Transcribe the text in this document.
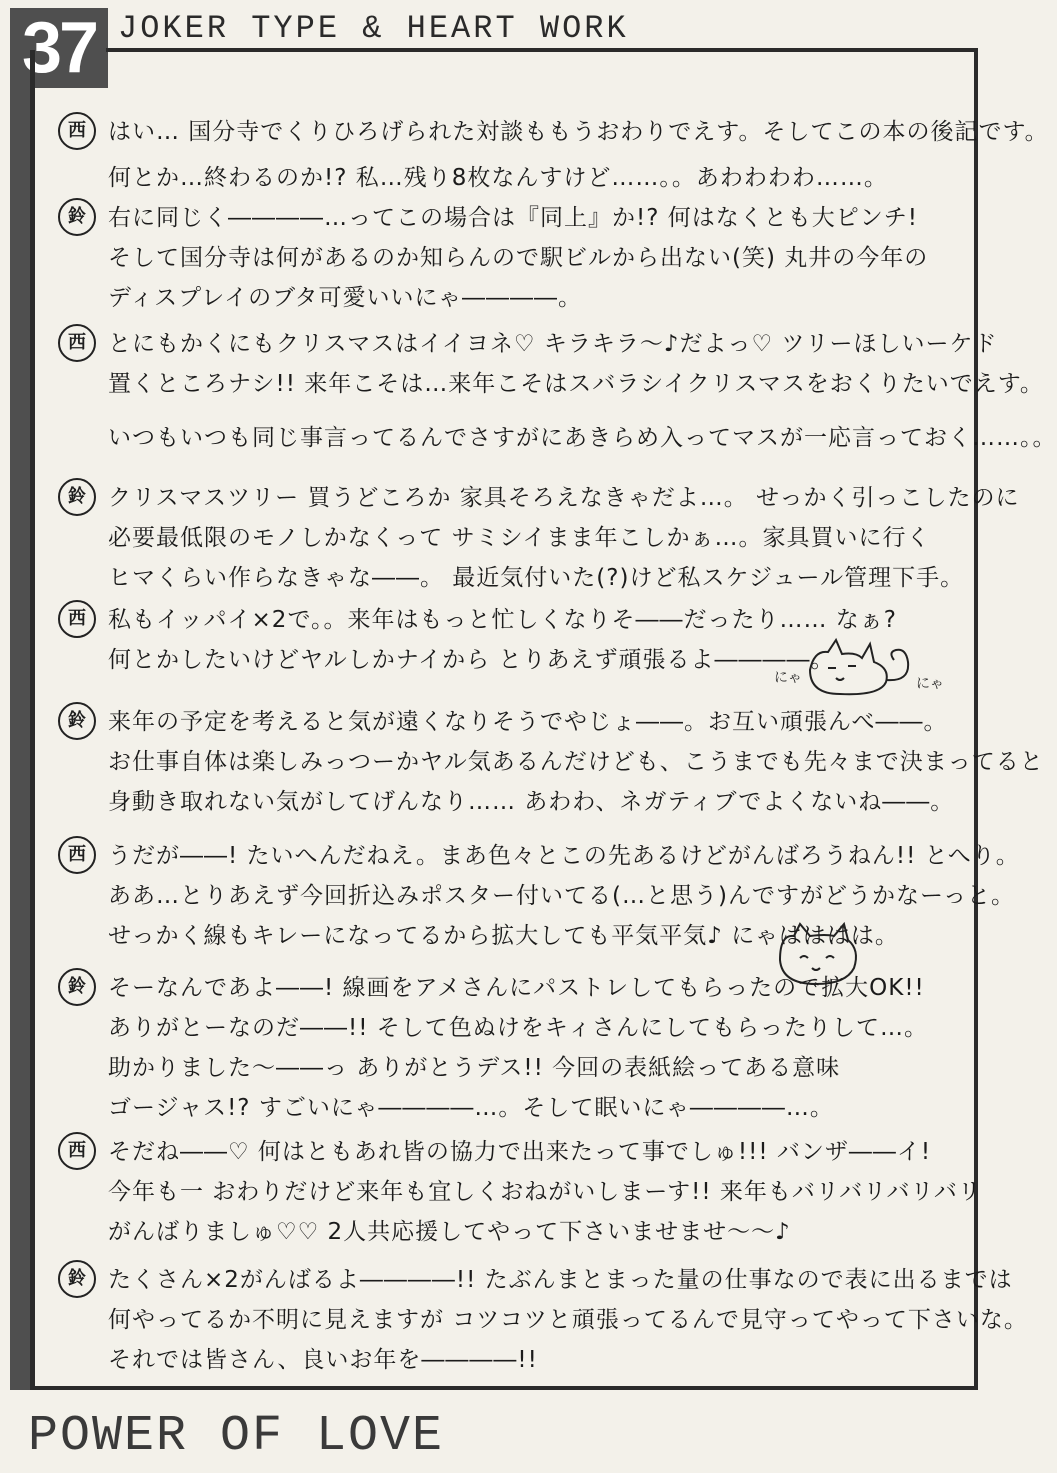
37 JOKER TYPE & HEART WORK
西 はい… 国分寺でくりひろげられた対談ももうおわりでえす。そしてこの本の後記です。
何とか…終わるのか!? 私…残り8枚なんすけど……。。あわわわわ……。
鈴 右に同じく――――…ってこの場合は『同上』か!? 何はなくとも大ピンチ!
そして国分寺は何があるのか知らんので駅ビルから出ない(笑) 丸井の今年の
ディスプレイのブタ可愛いいにゃ――――。
西 とにもかくにもクリスマスはイイヨネ♡ キラキラ〜♪だよっ♡ ツリーほしいーケド
置くところナシ!! 来年こそは…来年こそはスバラシイクリスマスをおくりたいでえす。
いつもいつも同じ事言ってるんでさすがにあきらめ入ってマスが一応言っておく……。。
鈴 クリスマスツリー 買うどころか 家具そろえなきゃだよ…。 せっかく引っこしたのに
必要最低限のモノしかなくって サミシイまま年こしかぁ…。家具買いに行く
ヒマくらい作らなきゃな――。 最近気付いた(?)けど私スケジュール管理下手。
西 私もイッパイ×2で。。来年はもっと忙しくなりそ――だったり…… なぁ?
何とかしたいけどヤルしかナイから とりあえず頑張るよ――――。
にゃ	にゃ
鈴 来年の予定を考えると気が遠くなりそうでやじょ――。お互い頑張んべ――。
お仕事自体は楽しみっつーかヤル気あるんだけども、こうまでも先々まで決まってると
身動き取れない気がしてげんなり…… あわわ、ネガティブでよくないね――。
西 うだが――! たいへんだねえ。まあ色々とこの先あるけどがんばろうねん!! とへり。
ああ…とりあえず今回折込みポスター付いてる(…と思う)んですがどうかなーっと。
せっかく線もキレーになってるから拡大しても平気平気♪ にゃはははは。
鈴 そーなんであよ――! 線画をアメさんにパストレしてもらったので拡大OK!!
ありがとーなのだ――!! そして色ぬけをキィさんにしてもらったりして…。
助かりました〜――っ ありがとうデス!! 今回の表紙絵ってある意味
ゴージャス!? すごいにゃ――――…。そして眠いにゃ――――…。
西 そだね――♡ 何はともあれ皆の協力で出来たって事でしゅ!!! バンザ――イ!
今年も一 おわりだけど来年も宜しくおねがいしまーす!! 来年もバリバリバリバリ
がんばりましゅ♡♡ 2人共応援してやって下さいませませ〜〜♪
鈴 たくさん×2がんばるよ――――!! たぶんまとまった量の仕事なので表に出るまでは
何やってるか不明に見えますが コツコツと頑張ってるんで見守ってやって下さいな。
それでは皆さん、良いお年を――――!!
POWER OF LOVE
